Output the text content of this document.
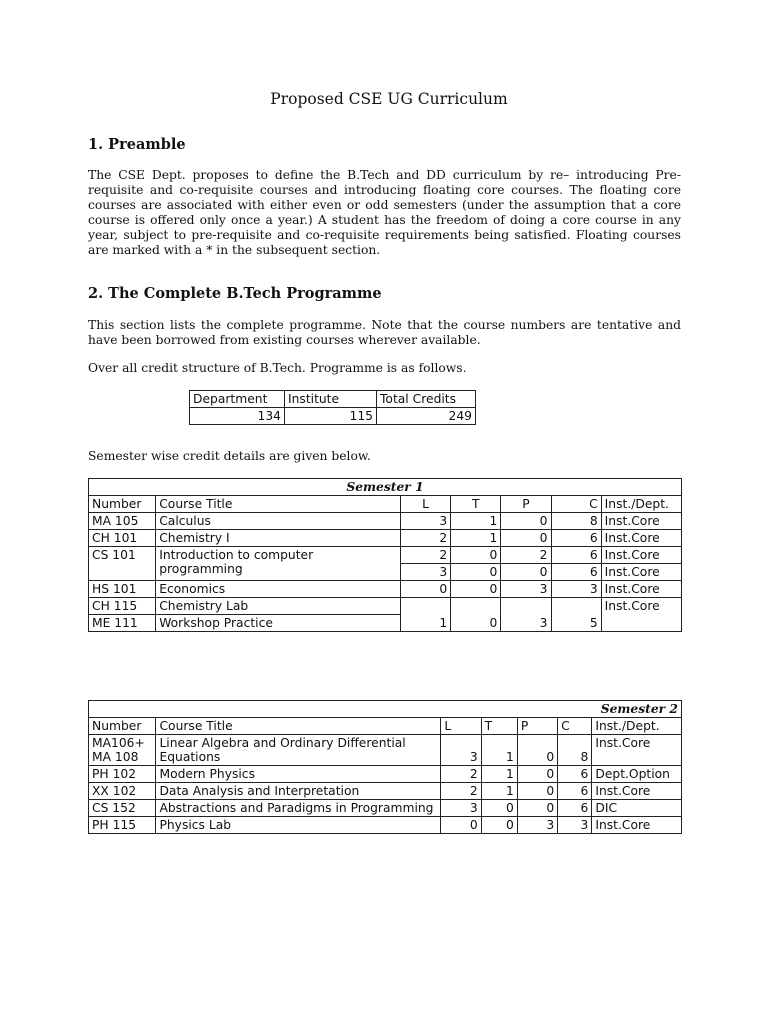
Proposed CSE UG Curriculum
1. Preamble

The CSE Dept. proposes to define the B.Tech and DD curriculum by re– introducing Pre-requisite and co-requisite courses and introducing floating core courses. The floating core courses are associated with either even or odd semesters (under the assumption that a core course is offered only once a year.) A student has the freedom of doing a core course in any year, subject to pre-requisite and co-requisite requirements being satisfied. Floating courses are marked with a * in the subsequent section.

2. The Complete B.Tech Programme

This section lists the complete programme. Note that the course numbers are tentative and have been borrowed from existing courses wherever available.

Over all credit structure of B.Tech. Programme is as follows.
Department	Institute	Total Credits
134	115	249
Semester wise credit details are given below.
Semester 1						
Number	Course Title	L	T	P	C	Inst./Dept.
MA 105	Calculus	3	1	0	8	Inst.Core
CH 101	Chemistry I	2	1	0	6	Inst.Core
CS 101	Introduction to computer programming	2	0	2	6	Inst.Core
		3	0	0	6	Inst.Core
HS 101	Economics	0	0	3	3	Inst.Core
CH 115	Chemistry Lab	1	0	3	5	Inst.Core
ME 111	Workshop Practice					
Semester 2						
Number	Course Title	L	T	P	C	Inst./Dept.
MA106+ MA 108	Linear Algebra and Ordinary Differential Equations	3	1	0	8	Inst.Core
PH 102	Modern Physics	2	1	0	6	Dept.Option
XX 102	Data Analysis and Interpretation	2	1	0	6	Inst.Core
CS 152	Abstractions and Paradigms in Programming	3	0	0	6	DIC
PH 115	Physics Lab	0	0	3	3	Inst.Core
